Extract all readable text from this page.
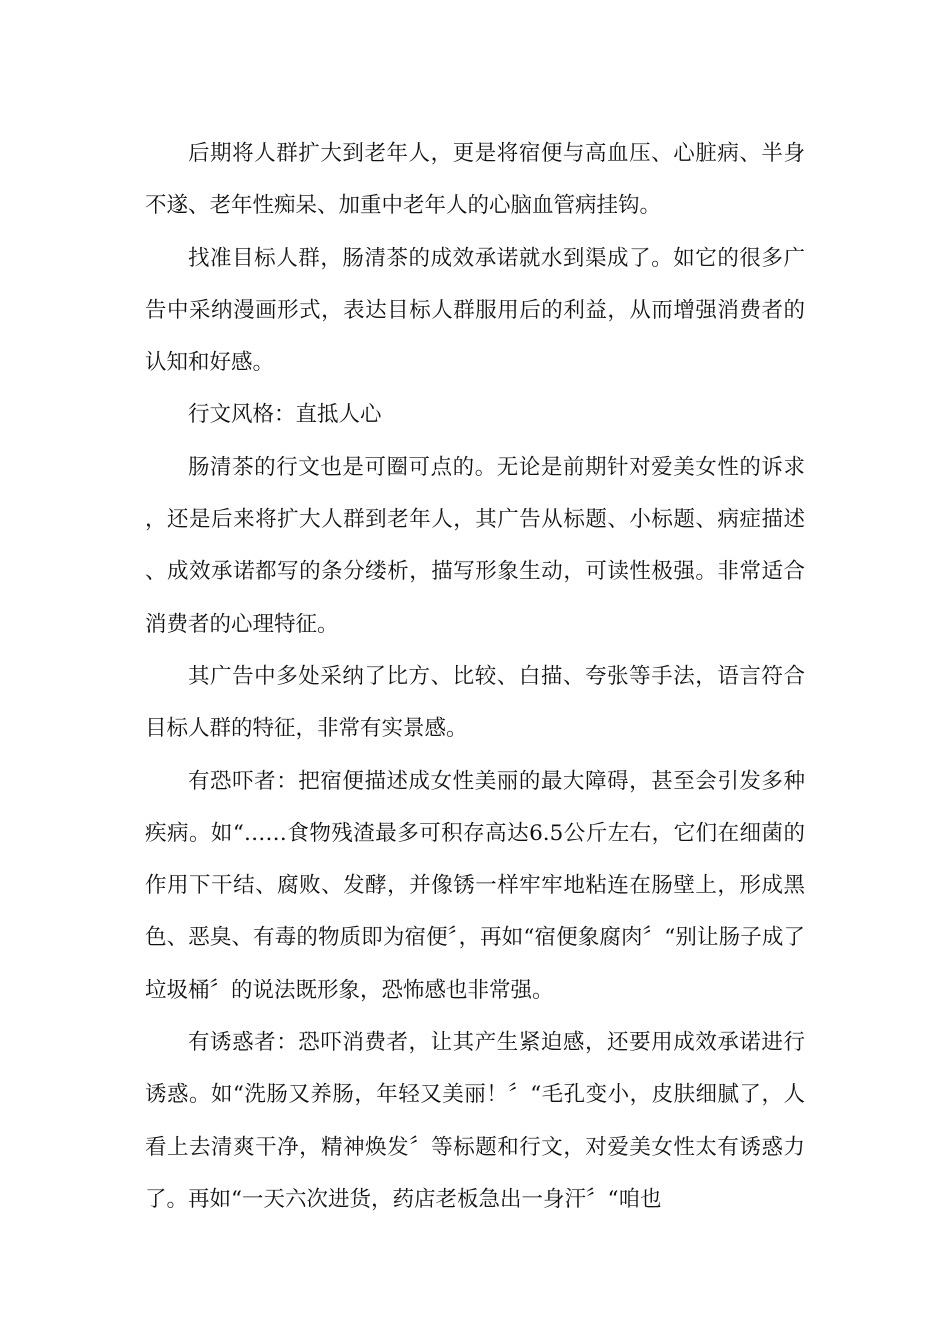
后期将人群扩大到老年人，更是将宿便与高血压、心脏病、半身不遂、老年性痴呆、加重中老年人的心脑血管病挂钩。

找准目标人群，肠清茶的成效承诺就水到渠成了。如它的很多广告中采纳漫画形式，表达目标人群服用后的利益，从而增强消费者的认知和好感。

行文风格：直抵人心

肠清茶的行文也是可圈可点的。无论是前期针对爱美女性的诉求，还是后来将扩大人群到老年人，其广告从标题、小标题、病症描述、成效承诺都写的条分缕析，描写形象生动，可读性极强。非常适合消费者的心理特征。

其广告中多处采纳了比方、比较、白描、夸张等手法，语言符合目标人群的特征，非常有实景感。

有恐吓者：把宿便描述成女性美丽的最大障碍，甚至会引发多种疾病。如“……食物残渣最多可积存高达6.5公斤左右，它们在细菌的作用下干结、腐败、发酵，并像锈一样牢牢地粘连在肠壁上，形成黑色、恶臭、有毒的物质即为宿便〞，再如“宿便象腐肉〞“别让肠子成了垃圾桶〞的说法既形象，恐怖感也非常强。

有诱惑者：恐吓消费者，让其产生紧迫感，还要用成效承诺进行诱惑。如“洗肠又养肠，年轻又美丽！〞“毛孔变小，皮肤细腻了，人看上去清爽干净，精神焕发〞等标题和行文，对爱美女性太有诱惑力了。再如“一天六次进货，药店老板急出一身汗〞“咱也
